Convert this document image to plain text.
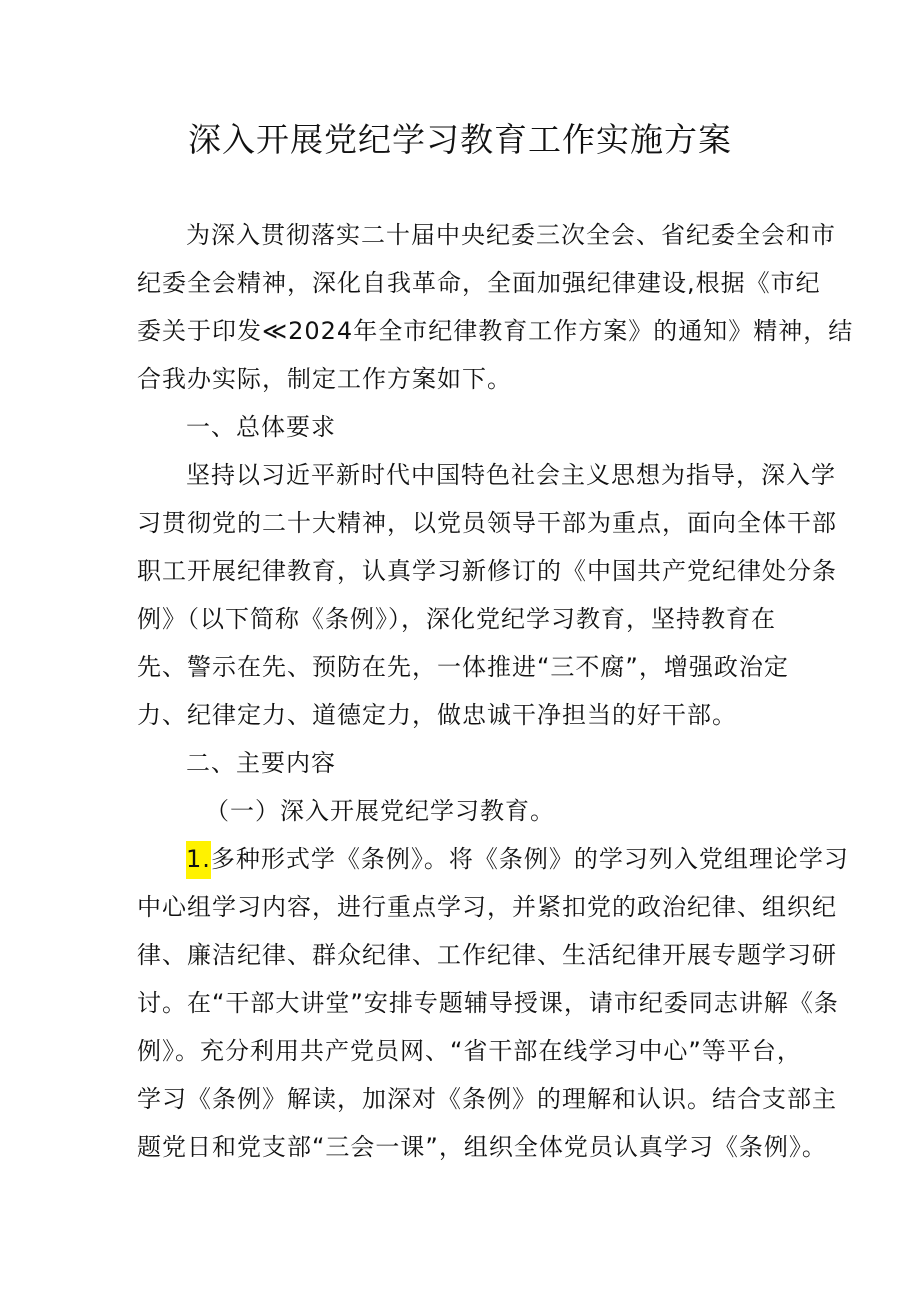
深入开展党纪学习教育工作实施方案
为深入贯彻落实二十届中央纪委三次全会、省纪委全会和市
纪委全会精神，深化自我革命，全面加强纪律建设,根据《市纪
委关于印发≪2024年全市纪律教育工作方案》的通知》精神，结
合我办实际，制定工作方案如下。
一、总体要求
坚持以习近平新时代中国特色社会主义思想为指导，深入学
习贯彻党的二十大精神，以党员领导干部为重点，面向全体干部
职工开展纪律教育，认真学习新修订的《中国共产党纪律处分条
例》（以下简称《条例》），深化党纪学习教育，坚持教育在
先、警示在先、预防在先，一体推进“三不腐”，增强政治定
力、纪律定力、道德定力，做忠诚干净担当的好干部。
二、主要内容
（一）深入开展党纪学习教育。
1.多种形式学《条例》。将《条例》的学习列入党组理论学习
中心组学习内容，进行重点学习，并紧扣党的政治纪律、组织纪
律、廉洁纪律、群众纪律、工作纪律、生活纪律开展专题学习研
讨。在“干部大讲堂”安排专题辅导授课，请市纪委同志讲解《条
例》。充分利用共产党员网、“省干部在线学习中心”等平台，
学习《条例》解读，加深对《条例》的理解和认识。结合支部主
题党日和党支部“三会一课”，组织全体党员认真学习《条例》。
